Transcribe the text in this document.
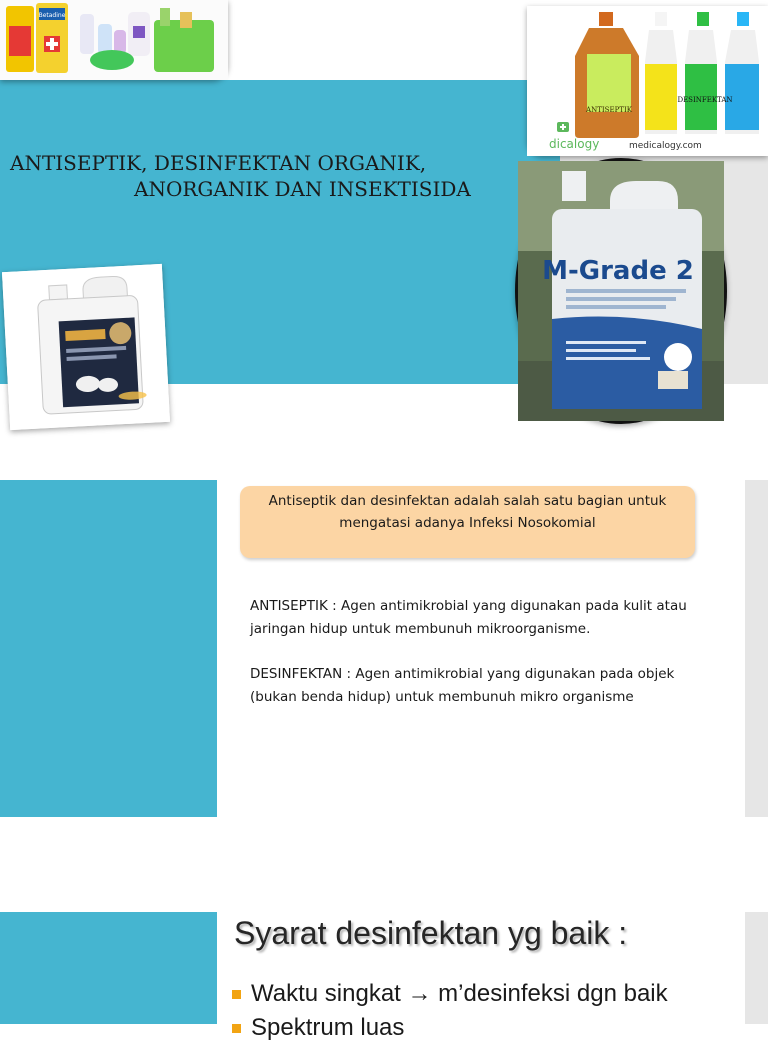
ANTISEPTIK, DESINFEKTAN ORGANIK,
ANORGANIK DAN INSEKTISIDA
Betadine
ANTISEPTIK
DESINFEKTAN
dicalogy	medicalogy.com
M-Grade 2
Antiseptik dan desinfektan adalah salah satu bagian untuk mengatasi adanya Infeksi Nosokomial
ANTISEPTIK : Agen antimikrobial yang digunakan pada kulit atau jaringan hidup untuk membunuh mikroorganisme.
DESINFEKTAN : Agen antimikrobial yang digunakan pada objek (bukan benda hidup) untuk membunuh mikro organisme
Syarat desinfektan yg baik :
Waktu singkat → m’desinfeksi dgn baik
Spektrum luas
